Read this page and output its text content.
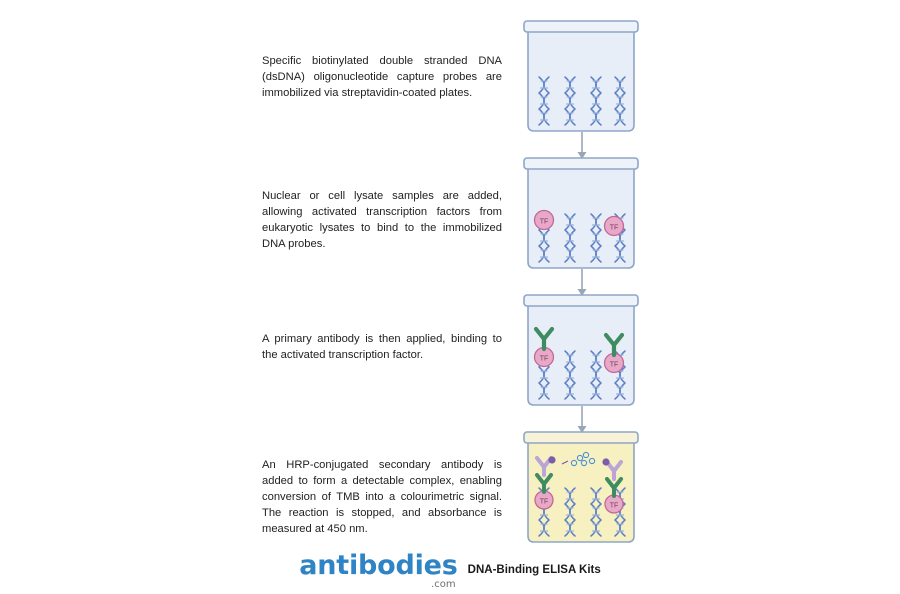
Specific biotinylated double stranded DNA (dsDNA) oligonucleotide capture probes are immobilized via streptavidin-coated plates.
Nuclear or cell lysate samples are added, allowing activated transcription factors from eukaryotic lysates to bind to the immobilized DNA probes.
TF
TF
A primary antibody is then applied, binding to the activated transcription factor.	TF
TF
An HRP-conjugated secondary antibody is added to form a detectable complex, enabling conversion of TMB into a colourimetric signal. The reaction is stopped, and absorbance is measured at 450 nm.
TF
TF
antibodies
.com
DNA-Binding ELISA Kits
